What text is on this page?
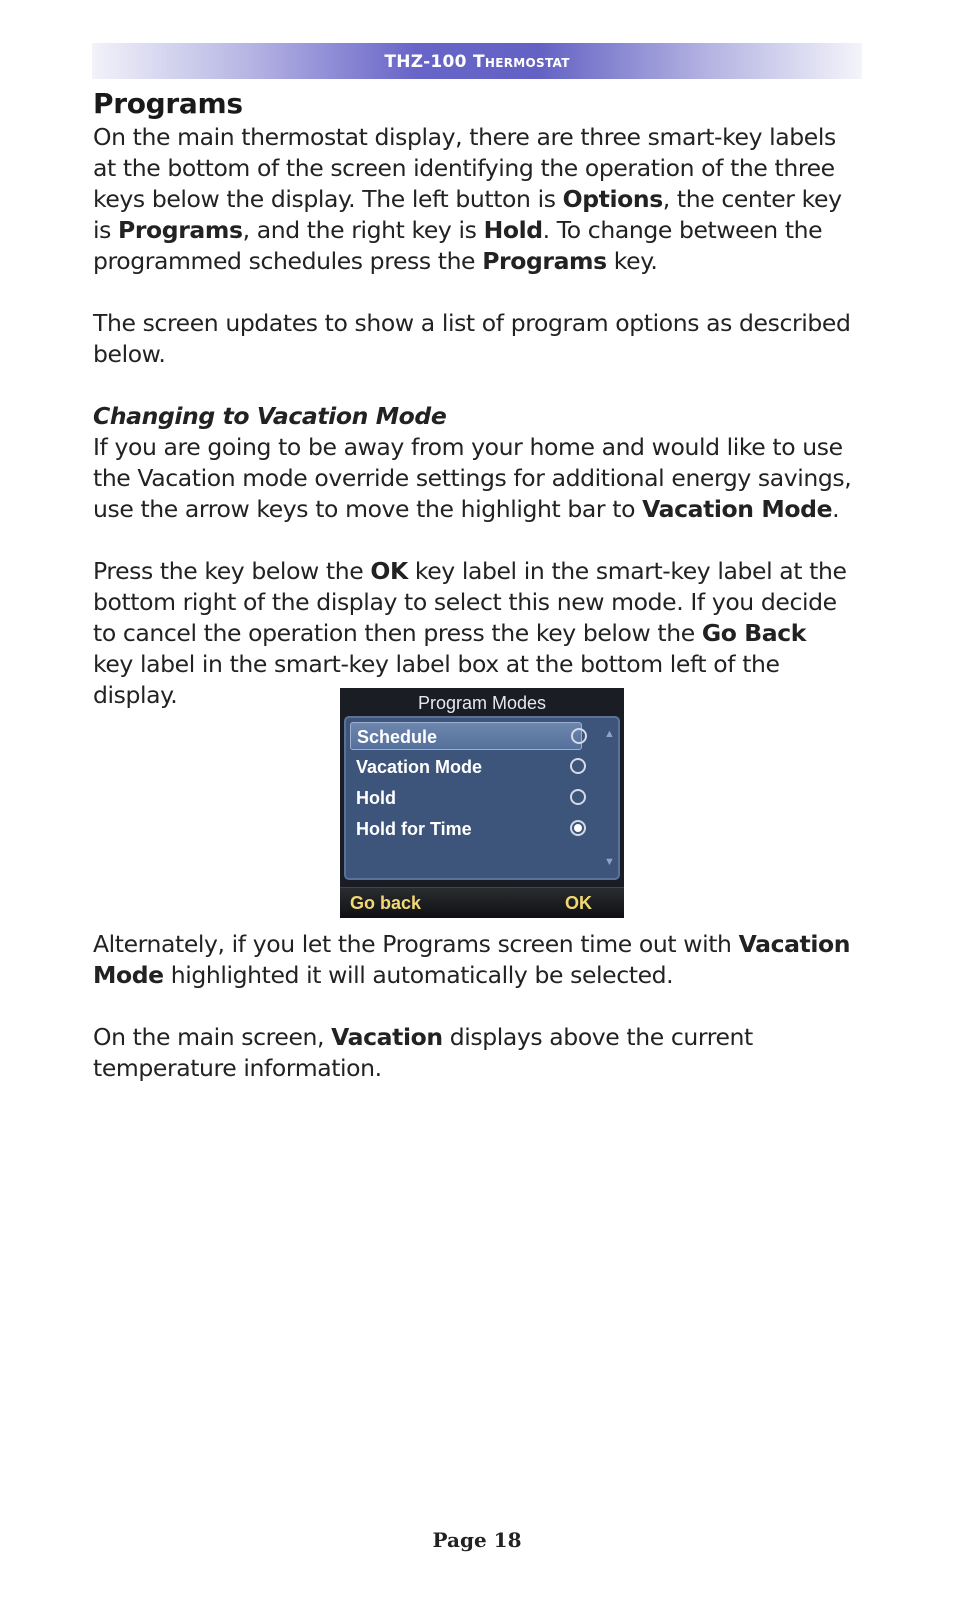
THZ-100 Thermostat
Programs

On the main thermostat display, there are three smart-key labels at the bottom of the screen identifying the operation of the three keys below the display. The left button is Options, the center key is Programs, and the right key is Hold. To change between the programmed schedules press the Programs key.

The screen updates to show a list of program options as described below.

Changing to Vacation Mode

If you are going to be away from your home and would like to use the Vacation mode override settings for additional energy savings, use the arrow keys to move the highlight bar to Vacation Mode.

Press the key below the OK key label in the smart-key label at the bottom right of the display to select this new mode. If you decide to cancel the operation then press the key below the Go Back key label in the smart-key label box at the bottom left of the display.	Program Modes
Schedule
Vacation Mode
Hold
Hold for Time
▲
▼
Go back	OK

Alternately, if you let the Programs screen time out with Vacation Mode highlighted it will automatically be selected.

On the main screen, Vacation displays above the current temperature information.

Page 18
